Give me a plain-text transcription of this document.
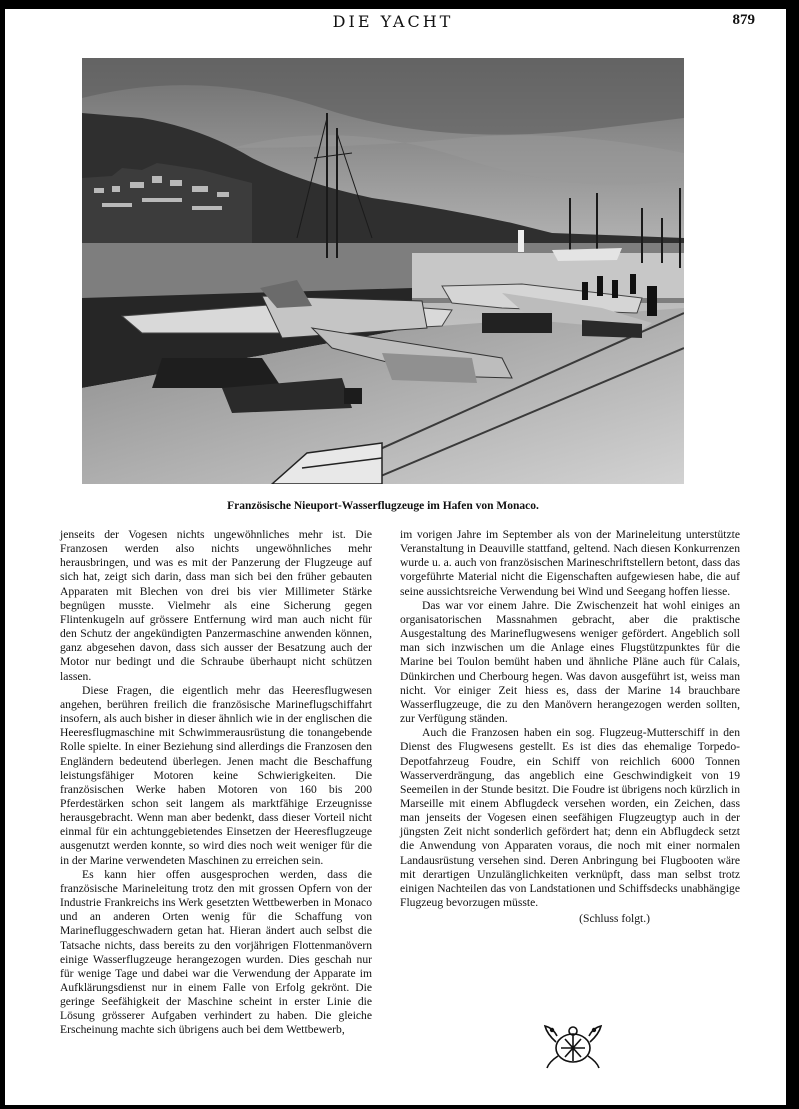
DIE YACHT	879
Französische Nieuport-Wasserflugzeuge im Hafen von Monaco.

jenseits der Vogesen nichts ungewöhnliches mehr ist. Die Franzosen werden also nichts ungewöhnliches mehr herausbringen, und was es mit der Panzerung der Flugzeuge auf sich hat, zeigt sich darin, dass man sich bei den früher gebauten Apparaten mit Blechen von drei bis vier Millimeter Stärke begnügen musste. Vielmehr als eine Sicherung gegen Flintenkugeln auf grössere Entfernung wird man auch nicht für den Schutz der angekündigten Panzermaschine anwenden können, ganz abgesehen davon, dass sich ausser der Besatzung auch der Motor nur bedingt und die Schraube überhaupt nicht schützen lassen.

Diese Fragen, die eigentlich mehr das Heeresflugwesen angehen, berühren freilich die französische Marineflugschiffahrt insofern, als auch bisher in dieser ähnlich wie in der englischen die Heeresflugmaschine mit Schwimmerausrüstung die tonangebende Rolle spielte. In einer Beziehung sind allerdings die Franzosen den Engländern bedeutend überlegen. Jenen macht die Beschaffung leistungsfähiger Motoren keine Schwierigkeiten. Die französischen Werke haben Motoren von 160 bis 200 Pferdestärken schon seit langem als marktfähige Erzeugnisse herausgebracht. Wenn man aber bedenkt, dass dieser Vorteil nicht einmal für ein achtunggebietendes Einsetzen der Heeresflugzeuge ausgenutzt werden konnte, so wird dies noch weit weniger für die in der Marine verwendeten Maschinen zu erreichen sein.

Es kann hier offen ausgesprochen werden, dass die französische Marineleitung trotz den mit grossen Opfern von der Industrie Frankreichs ins Werk gesetzten Wettbewerben in Monaco und an anderen Orten wenig für die Schaffung von Marinefluggeschwadern getan hat. Hieran ändert auch selbst die Tatsache nichts, dass bereits zu den vorjährigen Flottenmanövern einige Wasserflugzeuge herangezogen wurden. Dies geschah nur für wenige Tage und dabei war die Verwendung der Apparate im Aufklärungsdienst nur in einem Falle von Erfolg gekrönt. Die geringe Seefähigkeit der Maschine scheint in erster Linie die Lösung grösserer Aufgaben verhindert zu haben. Die gleiche Erscheinung machte sich übrigens auch bei dem Wettbewerb,

im vorigen Jahre im September als von der Marineleitung unterstützte Veranstaltung in Deauville stattfand, geltend. Nach diesen Konkurrenzen wurde u. a. auch von französischen Marineschriftstellern betont, dass das vorgeführte Material nicht die Eigenschaften aufgewiesen habe, die auf seine aussichtsreiche Verwendung bei Wind und Seegang hoffen liesse.

Das war vor einem Jahre. Die Zwischenzeit hat wohl einiges an organisatorischen Massnahmen gebracht, aber die praktische Ausgestaltung des Marineflugwesens weniger gefördert. Angeblich soll man sich inzwischen um die Anlage eines Flugstützpunktes für die Marine bei Toulon bemüht haben und ähnliche Pläne auch für Calais, Dünkirchen und Cherbourg hegen. Was davon ausgeführt ist, weiss man nicht. Vor einiger Zeit hiess es, dass der Marine 14 brauchbare Wasserflugzeuge, die zu den Manövern herangezogen werden sollten, zur Verfügung ständen.

Auch die Franzosen haben ein sog. Flugzeug-Mutterschiff in den Dienst des Flugwesens gestellt. Es ist dies das ehemalige Torpedo-Depotfahrzeug Foudre, ein Schiff von reichlich 6000 Tonnen Wasserverdrängung, das angeblich eine Geschwindigkeit von 19 Seemeilen in der Stunde besitzt. Die Foudre ist übrigens noch kürzlich in Marseille mit einem Abflugdeck versehen worden, ein Zeichen, dass man jenseits der Vogesen einen seefähigen Flugzeugtyp auch in der jüngsten Zeit nicht sonderlich gefördert hat; denn ein Abflugdeck setzt die Anwendung von Apparaten voraus, die noch mit einer normalen Landausrüstung versehen sind. Deren Anbringung bei Flugbooten wäre mit derartigen Unzulänglichkeiten verknüpft, dass man selbst trotz einigen Nachteilen das von Landstationen und Schiffsdecks unabhängige Flugzeug bevorzugen müsste.

(Schluss folgt.)
